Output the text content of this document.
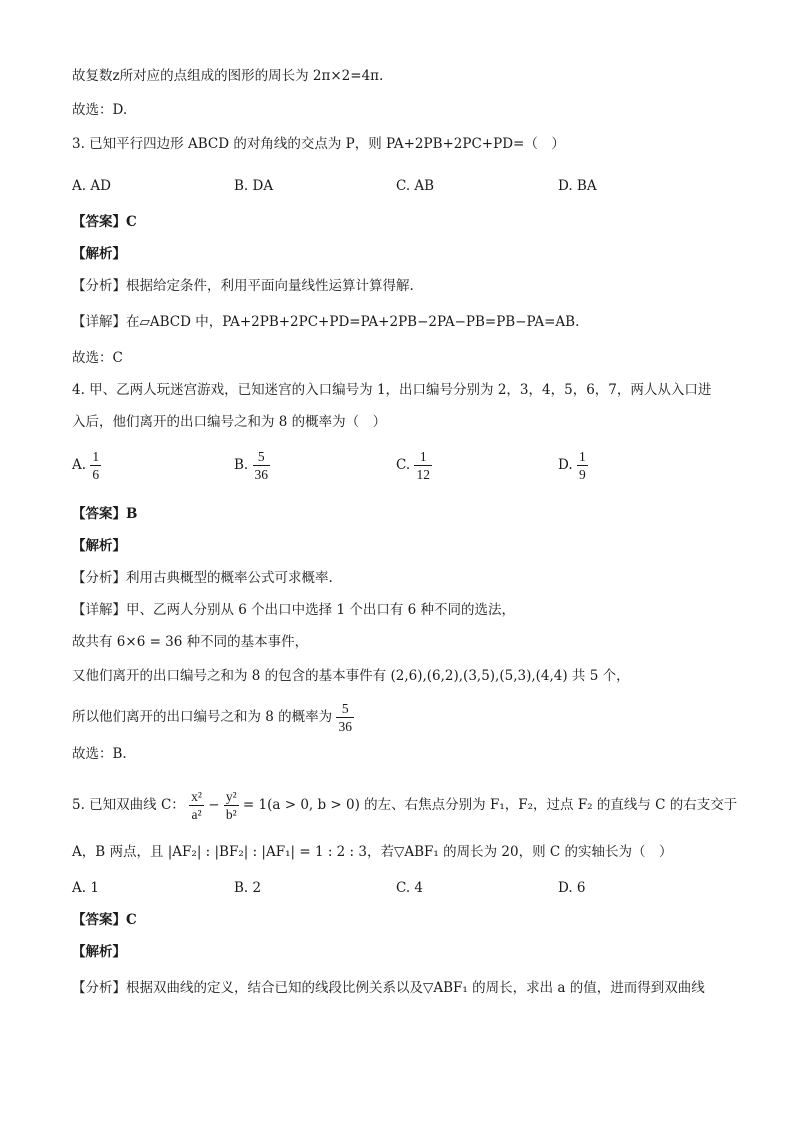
故复数z所对应的点组成的图形的周长为 2π×2=4π.
故选：D.
3. 已知平行四边形 ABCD 的对角线的交点为 P，则 PA+2PB+2PC+PD=（　）
A. AD	B. DA	C. AB	D. BA
【答案】C
【解析】
【分析】根据给定条件，利用平面向量线性运算计算得解.
【详解】在▱ABCD 中，PA+2PB+2PC+PD=PA+2PB−2PA−PB=PB−PA=AB.
故选：C
4. 甲、乙两人玩迷宫游戏，已知迷宫的入口编号为 1，出口编号分别为 2，3，4，5，6，7，两人从入口进
入后，他们离开的出口编号之和为 8 的概率为（　）
A. $\frac{1}{6}$	B. $\frac{5}{36}$	C. $\frac{1}{12}$	D. $\frac{1}{9}$
【答案】B
【解析】
【分析】利用古典概型的概率公式可求概率.
【详解】甲、乙两人分别从 6 个出口中选择 1 个出口有 6 种不同的选法，
故共有 6×6 = 36 种不同的基本事件，
又他们离开的出口编号之和为 8 的包含的基本事件有 (2,6),(6,2),(3,5),(5,3),(4,4) 共 5 个，
所以他们离开的出口编号之和为 8 的概率为 $\frac{5}{36}$
故选：B.
5. 已知双曲线 C： $\frac{\text{x²}}{\text{a²}} - \frac{\text{y²}}{\text{b²}} = 1(a > 0$, b > 0) 的左、右焦点分别为 F₁，F₂，过点 F₂ 的直线与 C 的右支交于
A，B 两点，且 |AF₂| : |BF₂| : |AF₁| = 1 : 2 : 3，若▽ABF₁ 的周长为 20，则 C 的实轴长为（　）
A. 1	B. 2	C. 4	D. 6
【答案】C
【解析】
【分析】根据双曲线的定义，结合已知的线段比例关系以及▽ABF₁ 的周长，求出 a 的值，进而得到双曲线
